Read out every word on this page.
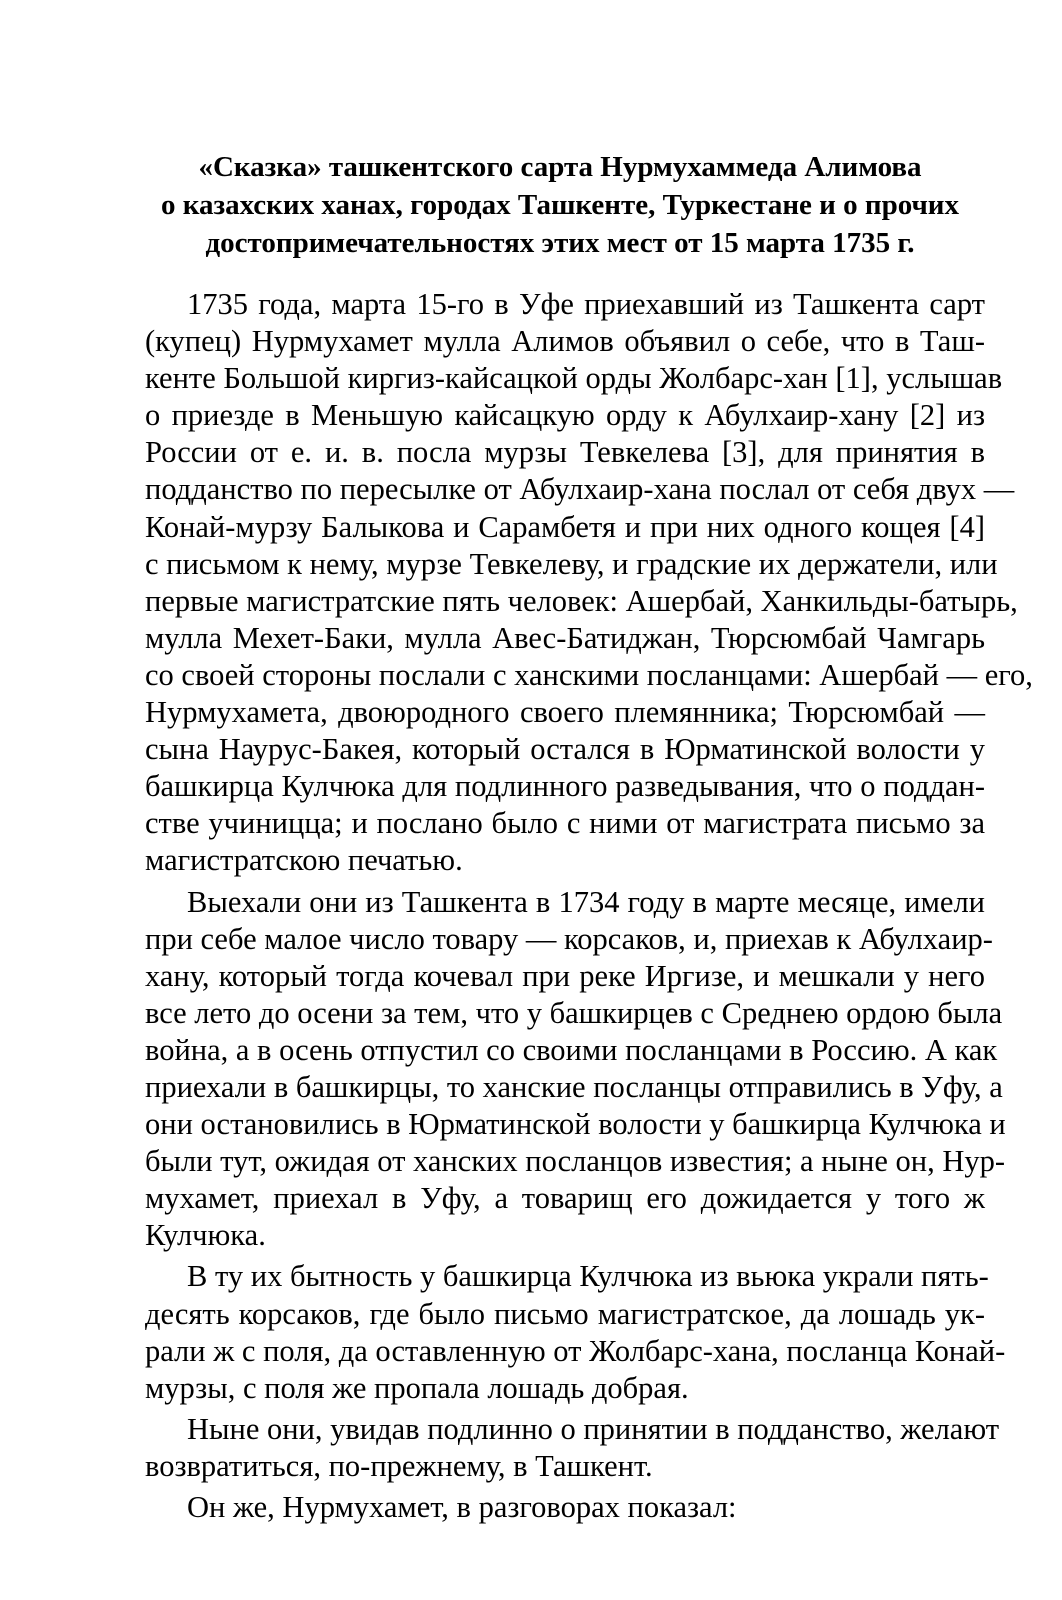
«Сказка» ташкентского сарта Нурмухаммеда Алимова
о казахских ханах, городах Ташкенте, Туркестане и о прочих
достопримечательностях этих мест от 15 марта 1735 г.
1735 года, марта 15-го в Уфе приехавший из Ташкента сарт
(купец) Нурмухамет мулла Алимов объявил о себе, что в Таш-
кенте Большой киргиз-кайсацкой орды Жолбарс-хан [1], услышав
о приезде в Меньшую кайсацкую орду к Абулхаир-хану [2] из
России от е. и. в. посла мурзы Тевкелева [3], для принятия в
подданство по пересылке от Абулхаир-хана послал от себя двух —
Конай-мурзу Балыкова и Сарамбетя и при них одного кощея [4]
с письмом к нему, мурзе Тевкелеву, и градские их держатели, или
первые магистратские пять человек: Ашербай, Ханкильды-батырь,
мулла Мехет-Баки, мулла Авес-Батиджан, Тюрсюмбай Чамгарь
со своей стороны послали с ханскими посланцами: Ашербай — его,
Нурмухамета, двоюродного своего племянника; Тюрсюмбай —
сына Наурус-Бакея, который остался в Юрматинской волости у
башкирца Кулчюка для подлинного разведывания, что о поддан-
стве учиницца; и послано было с ними от магистрата письмо за
магистратскою печатью.
Выехали они из Ташкента в 1734 году в марте месяце, имели
при себе малое число товару — корсаков, и, приехав к Абулхаир-
хану, который тогда кочевал при реке Иргизе, и мешкали у него
все лето до осени за тем, что у башкирцев с Среднею ордою была
война, а в осень отпустил со своими посланцами в Россию. А как
приехали в башкирцы, то ханские посланцы отправились в Уфу, а
они остановились в Юрматинской волости у башкирца Кулчюка и
были тут, ожидая от ханских посланцов известия; а ныне он, Нур-
мухамет, приехал в Уфу, а товарищ его дожидается у того ж
Кулчюка.
В ту их бытность у башкирца Кулчюка из вьюка украли пять-
десять корсаков, где было письмо магистратское, да лошадь ук-
рали ж с поля, да оставленную от Жолбарс-хана, посланца Конай-
мурзы, с поля же пропала лошадь добрая.
Ныне они, увидав подлинно о принятии в подданство, желают
возвратиться, по-прежнему, в Ташкент.
Он же, Нурмухамет, в разговорах показал:
